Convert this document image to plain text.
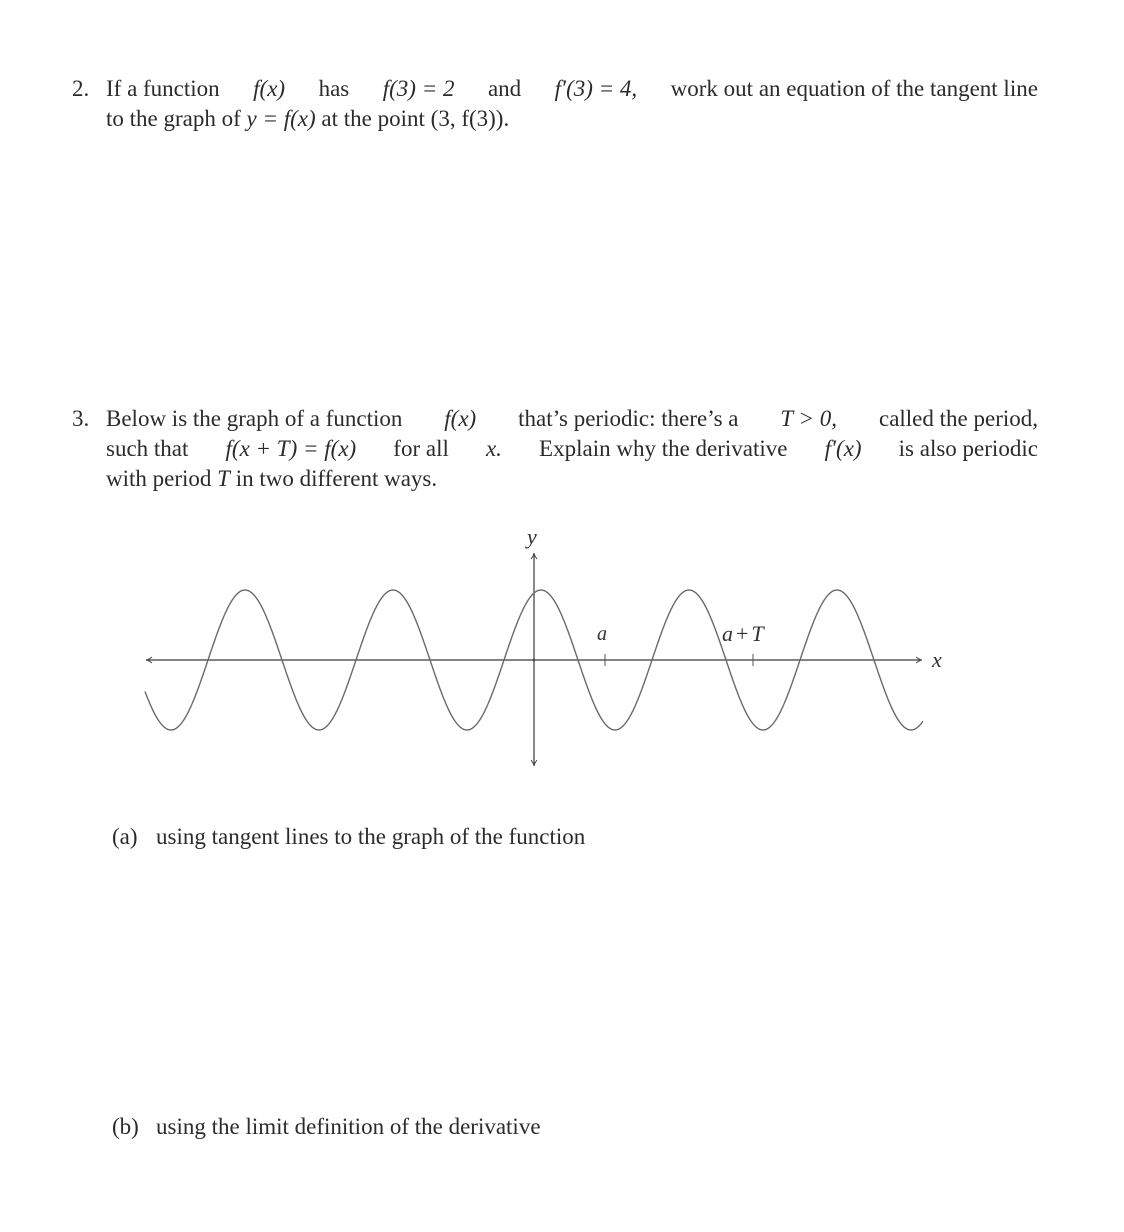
2. If a function f(x) has f(3) = 2 and f′(3) = 4, work out an equation of the tangent line
to the graph of y = f(x) at the point (3, f(3)).
3. Below is the graph of a function f(x) that’s periodic: there’s a T > 0, called the period,
such that f(x + T) = f(x) for all x. Explain why the derivative f′(x) is also periodic
with period T in two different ways.
y
x
a	a + T
(a) using tangent lines to the graph of the function
(b) using the limit definition of the derivative
